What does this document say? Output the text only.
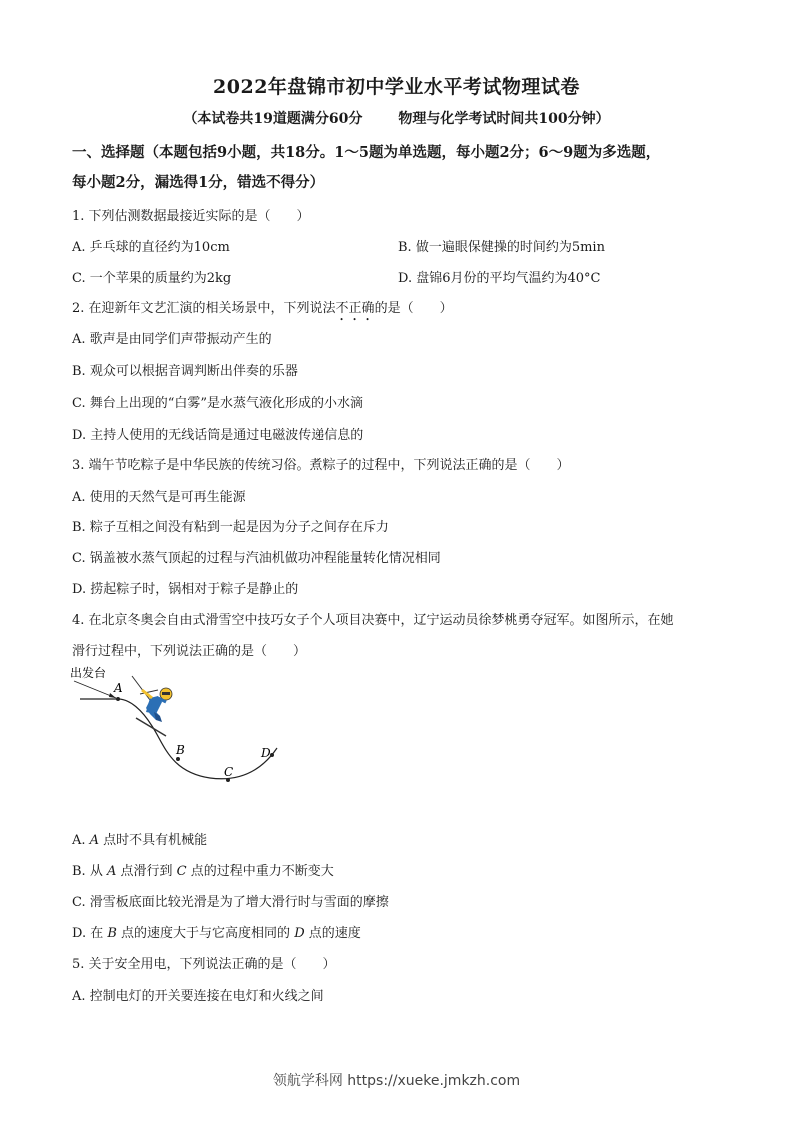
2022年盘锦市初中学业水平考试物理试卷
（本试卷共19道题满分60分	物理与化学考试时间共100分钟）
一、选择题（本题包括9小题，共18分。1～5题为单选题，每小题2分；6～9题为多选题，
每小题2分，漏选得1分，错选不得分）
1. 下列估测数据最接近实际的是（　　）
A. 乒乓球的直径约为10cm	B. 做一遍眼保健操的时间约为5min
C. 一个苹果的质量约为2kg	D. 盘锦6月份的平均气温约为40°C
2. 在迎新年文艺汇演的相关场景中，下列说法不正确的是（　　）
A. 歌声是由同学们声带振动产生的
B. 观众可以根据音调判断出伴奏的乐器
C. 舞台上出现的“白雾”是水蒸气液化形成的小水滴
D. 主持人使用的无线话筒是通过电磁波传递信息的
3. 端午节吃粽子是中华民族的传统习俗。煮粽子的过程中，下列说法正确的是（　　）
A. 使用的天然气是可再生能源
B. 粽子互相之间没有粘到一起是因为分子之间存在斥力
C. 锅盖被水蒸气顶起的过程与汽油机做功冲程能量转化情况相同
D. 捞起粽子时，锅相对于粽子是静止的
4. 在北京冬奥会自由式滑雪空中技巧女子个人项目决赛中，辽宁运动员徐梦桃勇夺冠军。如图所示，在她
滑行过程中，下列说法正确的是（　　）
出发台
A
B
C
D
A. A 点时不具有机械能
B. 从 A 点滑行到 C 点的过程中重力不断变大
C. 滑雪板底面比较光滑是为了增大滑行时与雪面的摩擦
D. 在 B 点的速度大于与它高度相同的 D 点的速度
5. 关于安全用电，下列说法正确的是（　　）
A. 控制电灯的开关要连接在电灯和火线之间
领航学科网 https://xueke.jmkzh.com
